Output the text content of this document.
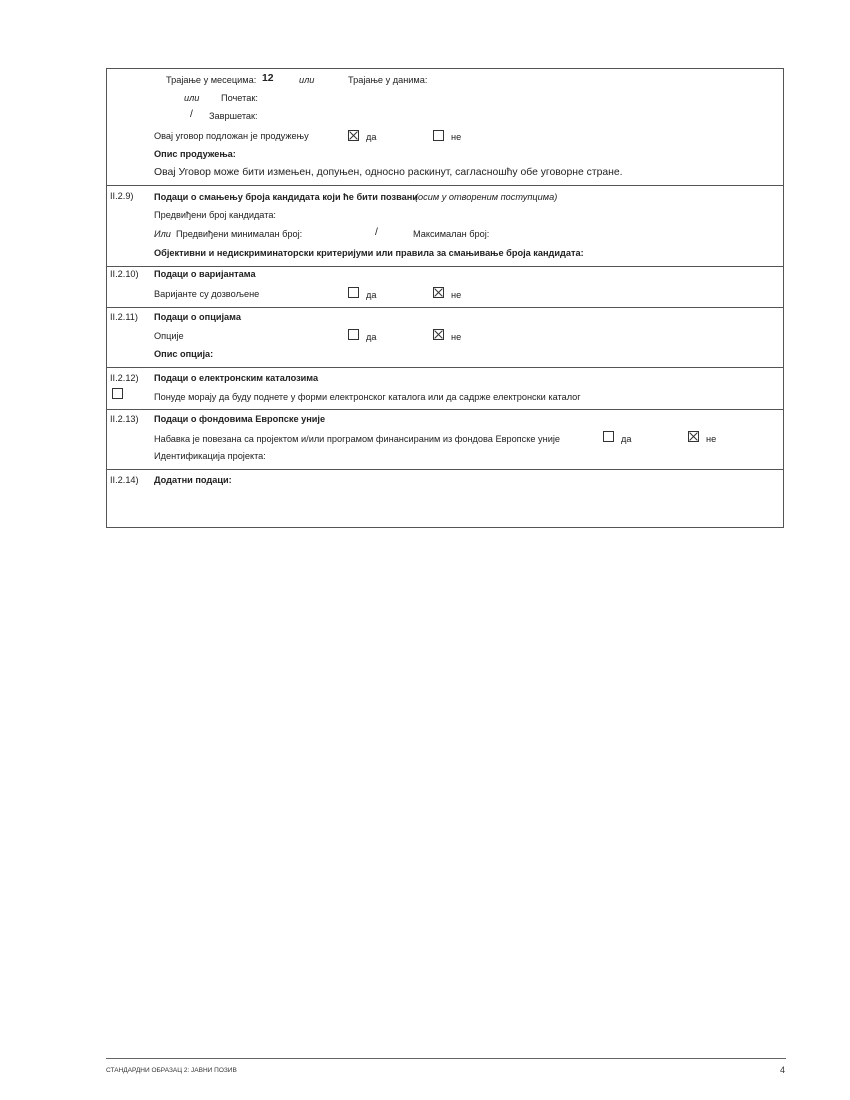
Трајање у месецима: 12	или	Трајање у данима:
или Почетак:
/ Завршетак:
Овај уговор подложан је продужењу	да	не
Опис продужења:
Овај Уговор може бити измењен, допуњен, односно раскинут, сагласношћу обе уговорне стране.
II.2.9) Подаци о смањењу броја кандидата који ће бити позвани
(осим у отвореним поступцима)
Предвиђени број кандидата:
Или Предвиђени минималан број:	/	Максималан број:
Објективни и недискриминаторски критеријуми или правила за смањивање броја кандидата:
II.2.10) Подаци о варијантама
Варијанте су дозвољене	да	не
II.2.11) Подаци о опцијама
Опције	да	не
Опис опција:
II.2.12) Подаци о електронским каталозима
Понуде морају да буду поднете у форми електронског каталога или да садрже електронски каталог
II.2.13) Подаци о фондовима Европске уније
Набавка је повезана са пројектом и/или програмом финансираним из фондова Европске уније	да	не
Идентификација пројекта:
II.2.14) Додатни подаци:
СТАНДАРДНИ ОБРАЗАЦ 2: ЈАВНИ ПОЗИВ	4
